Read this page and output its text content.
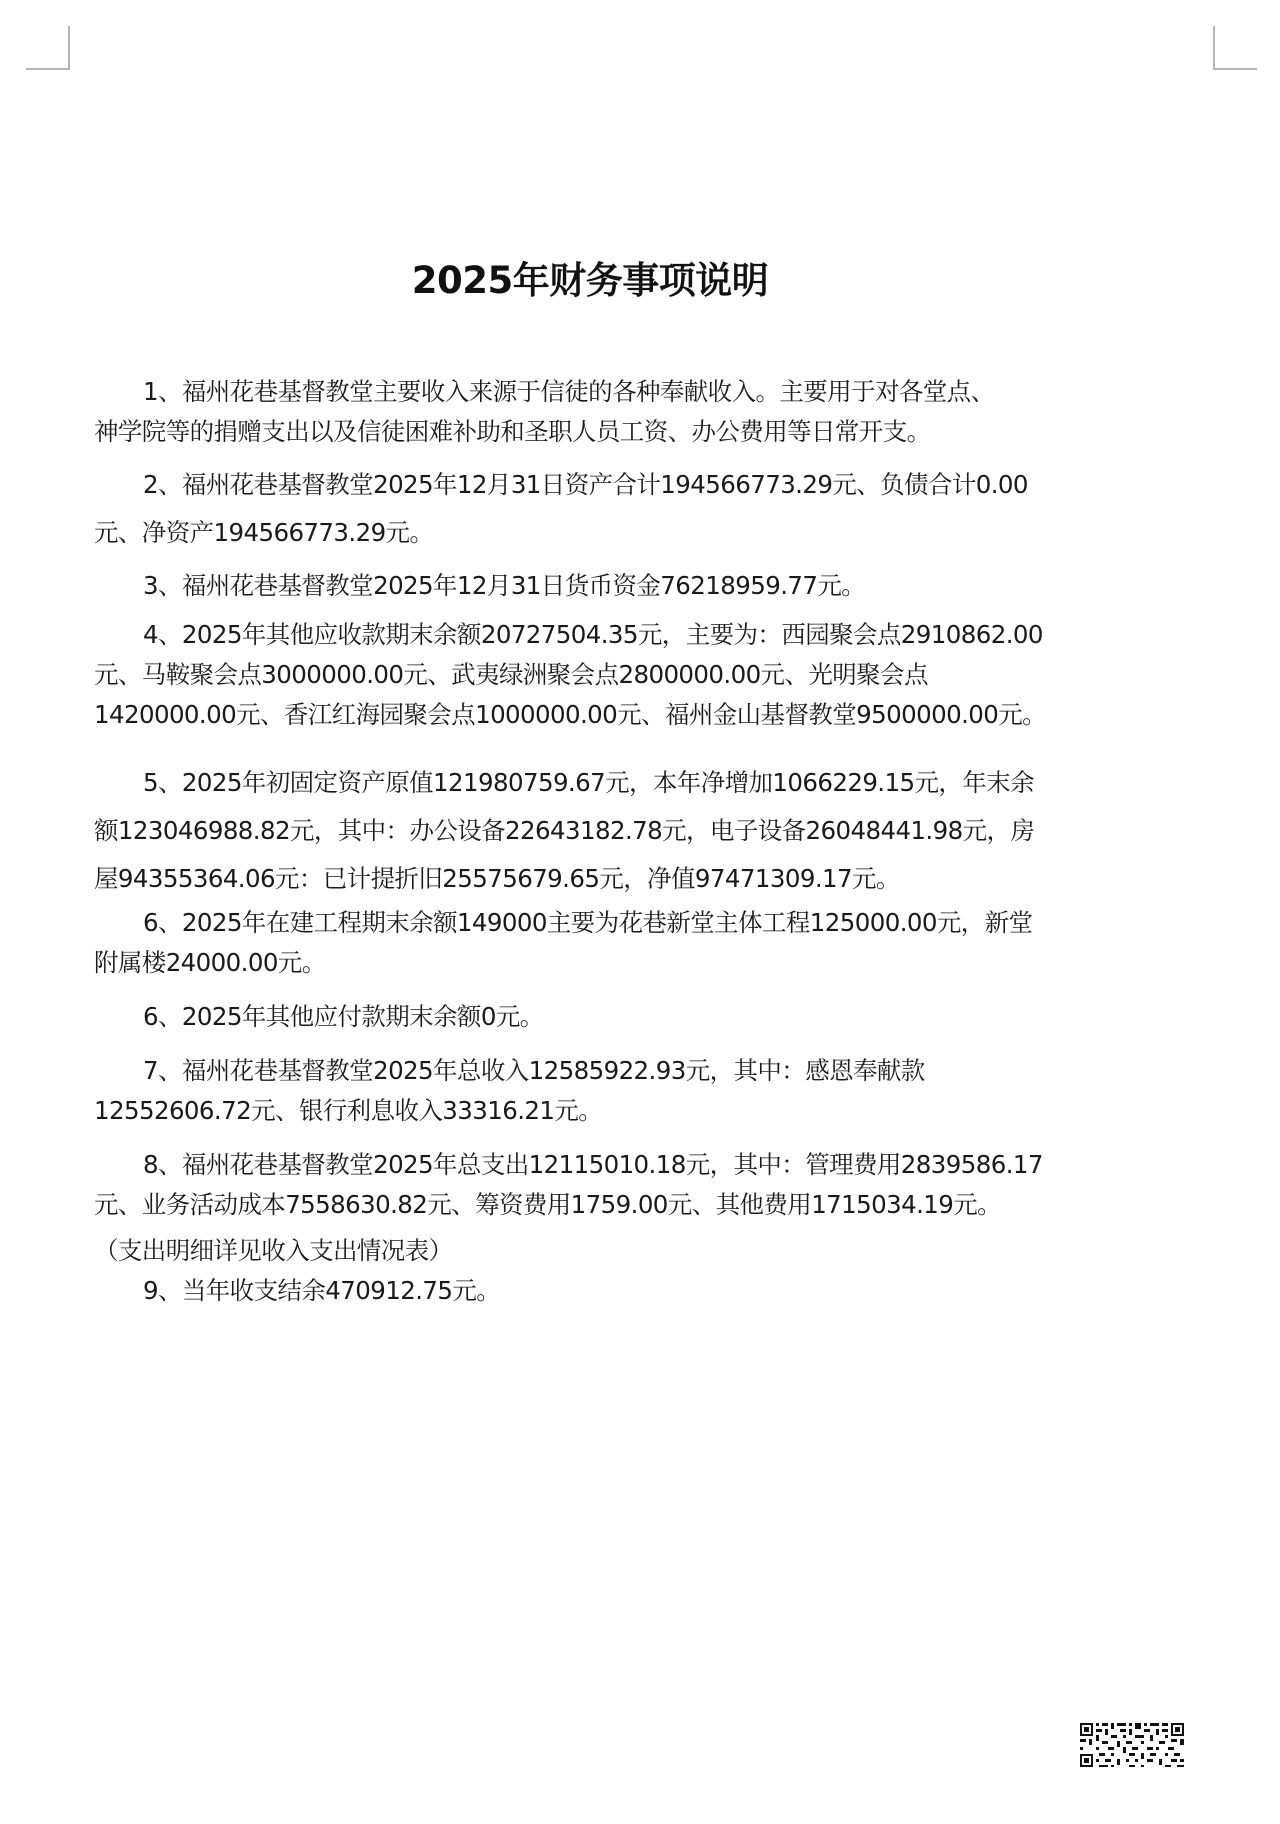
2025年财务事项说明

1、福州花巷基督教堂主要收入来源于信徒的各种奉献收入。主要用于对各堂点、
神学院等的捐赠支出以及信徒困难补助和圣职人员工资、办公费用等日常开支。

2、福州花巷基督教堂2025年12月31日资产合计194566773.29元、负债合计0.00
元、净资产194566773.29元。

3、福州花巷基督教堂2025年12月31日货币资金76218959.77元。

4、2025年其他应收款期末余额20727504.35元，主要为：西园聚会点2910862.00
元、马鞍聚会点3000000.00元、武夷绿洲聚会点2800000.00元、光明聚会点
1420000.00元、香江红海园聚会点1000000.00元、福州金山基督教堂9500000.00元。

5、2025年初固定资产原值121980759.67元，本年净增加1066229.15元，年末余
额123046988.82元，其中：办公设备22643182.78元，电子设备26048441.98元，房
屋94355364.06元：已计提折旧25575679.65元，净值97471309.17元。

6、2025年在建工程期末余额149000主要为花巷新堂主体工程125000.00元，新堂
附属楼24000.00元。

6、2025年其他应付款期末余额0元。

7、福州花巷基督教堂2025年总收入12585922.93元，其中：感恩奉献款
12552606.72元、银行利息收入33316.21元。

8、福州花巷基督教堂2025年总支出12115010.18元，其中：管理费用2839586.17
元、业务活动成本7558630.82元、筹资费用1759.00元、其他费用1715034.19元。

（支出明细详见收入支出情况表）

9、当年收支结余470912.75元。
